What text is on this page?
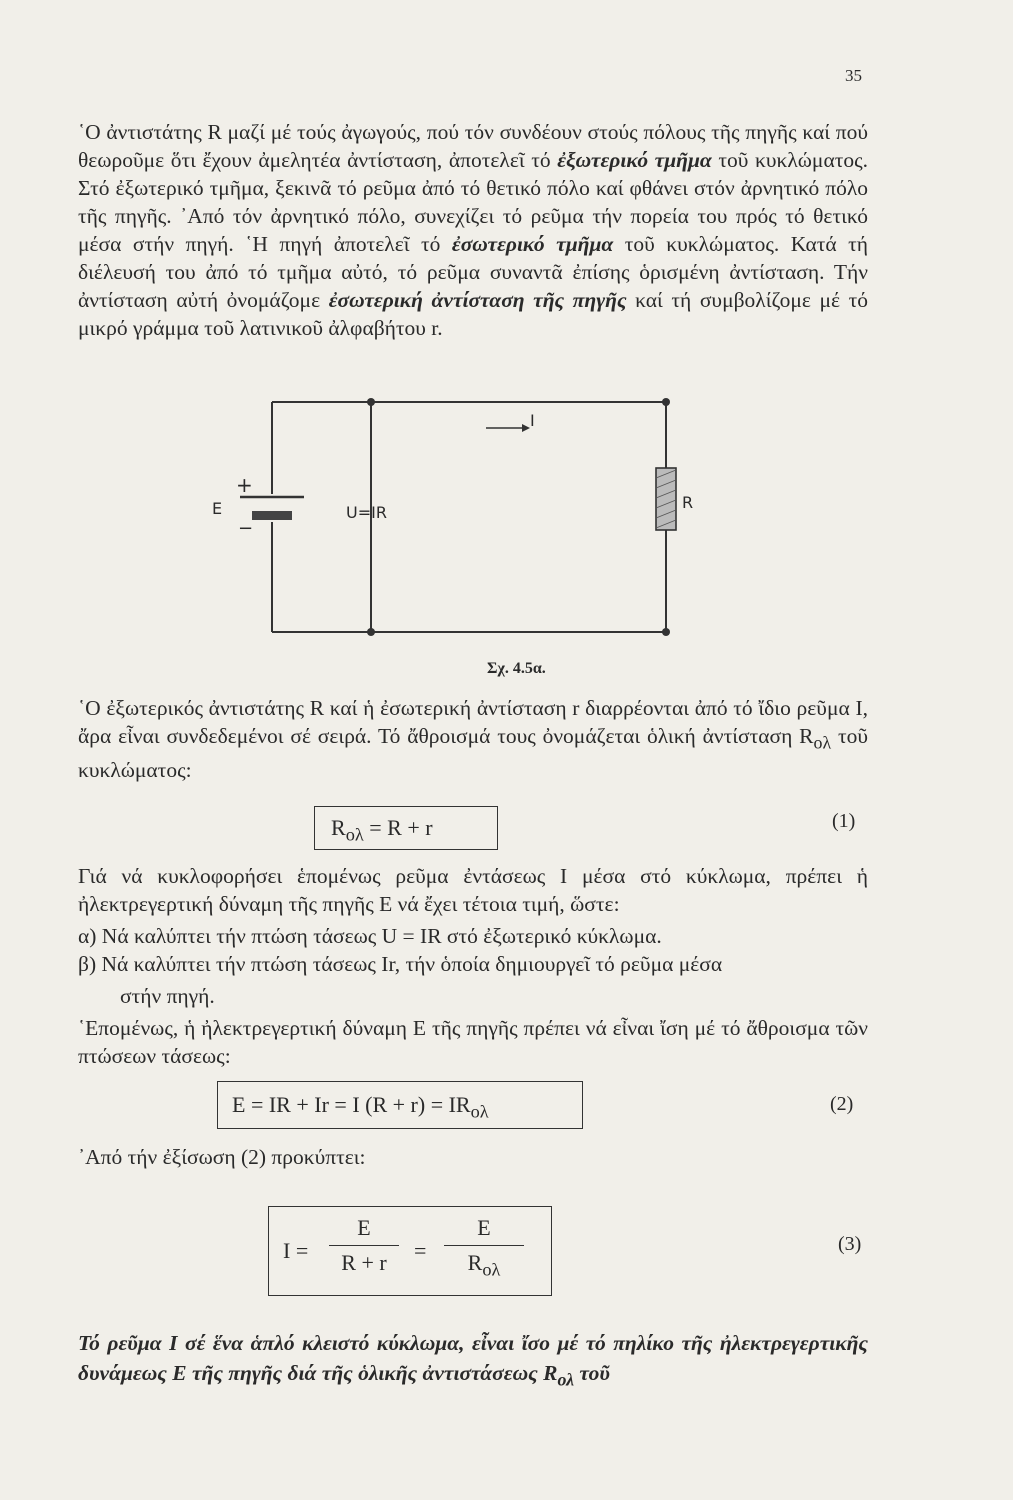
35
῾Ο ἀντιστάτης R μαζί μέ τούς ἀγωγούς, πού τόν συνδέουν στούς πόλους τῆς πηγῆς καί πού θεωροῦμε ὅτι ἔχουν ἀμελητέα ἀντίσταση, ἀποτελεῖ τό ἐξωτερικό τμῆμα τοῦ κυκλώματος. Στό ἐξωτερικό τμῆμα, ξεκινᾶ τό ρεῦμα ἀπό τό θετικό πόλο καί φθάνει στόν ἀρνητικό πόλο τῆς πηγῆς. ᾿Από τόν ἀρνητικό πόλο, συνεχίζει τό ρεῦμα τήν πορεία του πρός τό θετικό μέσα στήν πηγή. ῾Η πηγή ἀποτελεῖ τό ἐσωτερικό τμῆμα τοῦ κυκλώματος. Κατά τή διέλευσή του ἀπό τό τμῆμα αὐτό, τό ρεῦμα συναντᾶ ἐπίσης ὁρισμένη ἀντίσταση. Τήν ἀντίσταση αὐτή ὀνομάζομε ἐσωτερική ἀντίσταση τῆς πηγῆς καί τή συμβολίζομε μέ τό μικρό γράμμα τοῦ λατινικοῦ ἀλφαβήτου r.
I
U=IR
E
+
−
R
Σχ. 4.5α.
῾Ο ἐξωτερικός ἀντιστάτης R καί ἡ ἐσωτερική ἀντίσταση r διαρρέονται ἀπό τό ἴδιο ρεῦμα I, ἄρα εἶναι συνδεδεμένοι σέ σειρά. Τό ἄθροισμά τους ὀνομάζεται ὁλική ἀντίσταση $R_{o\lambda}$ τοῦ κυκλώματος:
$R_{o\lambda} = R + r$	(1)
Γιά νά κυκλοφορήσει ἑπομένως ρεῦμα ἐντάσεως I μέσα στό κύκλωμα, πρέπει ἡ ἠλεκτρεγερτική δύναμη τῆς πηγῆς E νά ἔχει τέτοια τιμή, ὥστε:
α) Νά καλύπτει τήν πτώση τάσεως U = IR στό ἐξωτερικό κύκλωμα.
β) Νά καλύπτει τήν πτώση τάσεως Ir, τήν ὁποία δημιουργεῖ τό ρεῦμα μέσα
στήν πηγή.
῾Επομένως, ἡ ἠλεκτρεγερτική δύναμη E τῆς πηγῆς πρέπει νά εἶναι ἴση μέ τό ἄθροισμα τῶν πτώσεων τάσεως:
E = IR + Ir = I $(R + r) = IR_{o\lambda}$	(2)
᾿Από τήν ἐξίσωση (2) προκύπτει:
I =
E
R + r	=
E
$R_{o\lambda}$
(3)
Τό ρεῦμα I σέ ἕνα ἁπλό κλειστό κύκλωμα, εἶναι ἴσο μέ τό πηλίκο τῆς ἠλεκτρεγερτικῆς δυνάμεως E τῆς πηγῆς διά τῆς ὁλικῆς ἀντιστάσεως $R_{o\lambda}$ τοῦ
